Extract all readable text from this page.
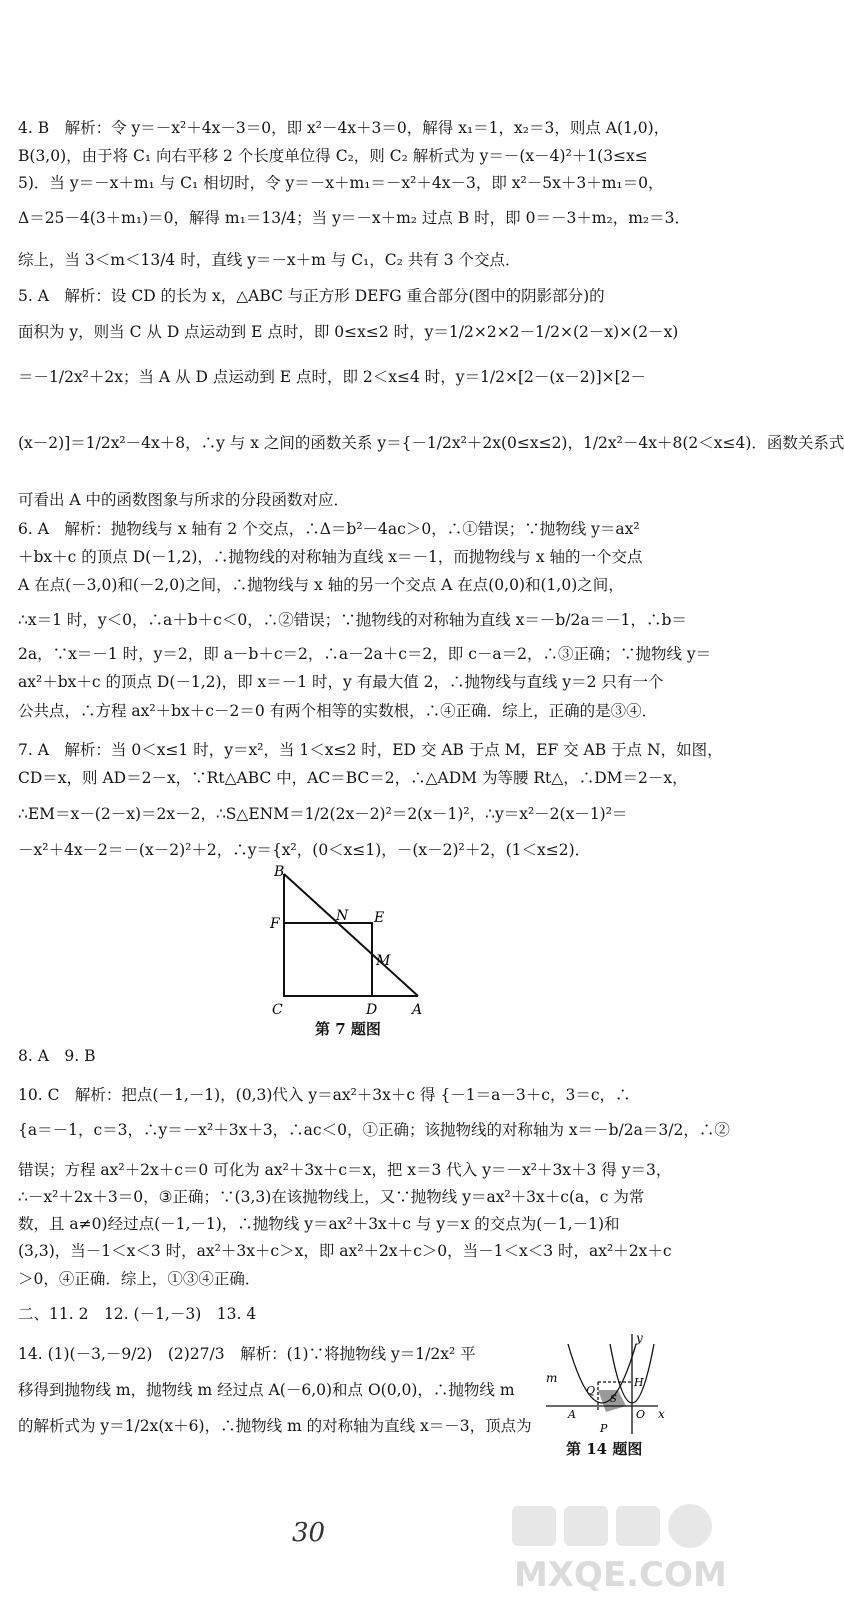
4. B　解析：令 y＝－x²＋4x－3＝0，即 x²－4x＋3＝0，解得 x₁＝1，x₂＝3，则点 A(1,0)，
B(3,0)，由于将 C₁ 向右平移 2 个长度单位得 C₂，则 C₂ 解析式为 y＝－(x－4)²＋1(3≤x≤
5)．当 y＝－x＋m₁ 与 C₁ 相切时，令 y＝－x＋m₁＝－x²＋4x－3，即 x²－5x＋3＋m₁＝0，
Δ＝25－4(3＋m₁)＝0，解得 m₁＝13/4；当 y＝－x＋m₂ 过点 B 时，即 0＝－3＋m₂，m₂＝3．
综上，当 3＜m＜13/4 时，直线 y＝－x＋m 与 C₁，C₂ 共有 3 个交点．
5. A　解析：设 CD 的长为 x，△ABC 与正方形 DEFG 重合部分(图中的阴影部分)的
面积为 y，则当 C 从 D 点运动到 E 点时，即 0≤x≤2 时，y＝1/2×2×2－1/2×(2－x)×(2－x)
＝－1/2x²＋2x；当 A 从 D 点运动到 E 点时，即 2＜x≤4 时，y＝1/2×[2－(x－2)]×[2－
(x－2)]＝1/2x²－4x＋8，∴y 与 x 之间的函数关系 y＝{－1/2x²＋2x(0≤x≤2)，1/2x²－4x＋8(2＜x≤4)．函数关系式
可看出 A 中的函数图象与所求的分段函数对应．
6. A　解析：抛物线与 x 轴有 2 个交点，∴Δ＝b²－4ac＞0，∴①错误；∵抛物线 y＝ax²
＋bx＋c 的顶点 D(－1,2)，∴抛物线的对称轴为直线 x＝－1，而抛物线与 x 轴的一个交点
A 在点(－3,0)和(－2,0)之间，∴抛物线与 x 轴的另一个交点 A 在点(0,0)和(1,0)之间，
∴x＝1 时，y＜0，∴a＋b＋c＜0，∴②错误；∵抛物线的对称轴为直线 x＝－b/2a＝－1，∴b＝
2a，∵x＝－1 时，y＝2，即 a－b＋c＝2，∴a－2a＋c＝2，即 c－a＝2，∴③正确；∵抛物线 y＝
ax²＋bx＋c 的顶点 D(－1,2)，即 x＝－1 时，y 有最大值 2，∴抛物线与直线 y＝2 只有一个
公共点，∴方程 ax²＋bx＋c－2＝0 有两个相等的实数根，∴④正确．综上，正确的是③④．
7. A　解析：当 0＜x≤1 时，y＝x²，当 1＜x≤2 时，ED 交 AB 于点 M，EF 交 AB 于点 N，如图，
CD＝x，则 AD＝2－x，∵Rt△ABC 中，AC＝BC＝2，∴△ADM 为等腰 Rt△，∴DM＝2－x，
∴EM＝x－(2－x)＝2x－2，∴S△ENM＝1/2(2x－2)²＝2(x－1)²，∴y＝x²－2(x－1)²＝
－x²＋4x－2＝－(x－2)²＋2，∴y＝{x²，(0＜x≤1)，－(x－2)²＋2，(1＜x≤2)．
B
F	N E
M
C	D A
第 7 题图
8. A　9. B
10. C　解析：把点(－1,－1)，(0,3)代入 y＝ax²＋3x＋c 得 {－1＝a－3＋c，3＝c，∴
{a＝－1，c＝3，∴y＝－x²＋3x＋3，∴ac＜0，①正确；该抛物线的对称轴为 x＝－b/2a＝3/2，∴②
错误；方程 ax²＋2x＋c＝0 可化为 ax²＋3x＋c＝x，把 x＝3 代入 y＝－x²＋3x＋3 得 y＝3，
∴－x²＋2x＋3＝0，③正确；∵(3,3)在该抛物线上，又∵抛物线 y＝ax²＋3x＋c(a，c 为常
数，且 a≠0)经过点(－1,－1)，∴抛物线 y＝ax²＋3x＋c 与 y＝x 的交点为(－1,－1)和
(3,3)，当－1＜x＜3 时，ax²＋3x＋c＞x，即 ax²＋2x＋c＞0，当－1＜x＜3 时，ax²＋2x＋c
＞0，④正确．综上，①③④正确．
二、11. 2　12. (－1,－3)　13. 4
14. (1)(－3,－9/2)　(2)27/3　解析：(1)∵将抛物线 y＝1/2x² 平
移得到抛物线 m，抛物线 m 经过点 A(－6,0)和点 O(0,0)，∴抛物线 m
的解析式为 y＝1/2x(x＋6)，∴抛物线 m 的对称轴为直线 x＝－3，顶点为
y
x
m	H
Q
S
A	O
P
第 14 题图
30
MXQE.COM
